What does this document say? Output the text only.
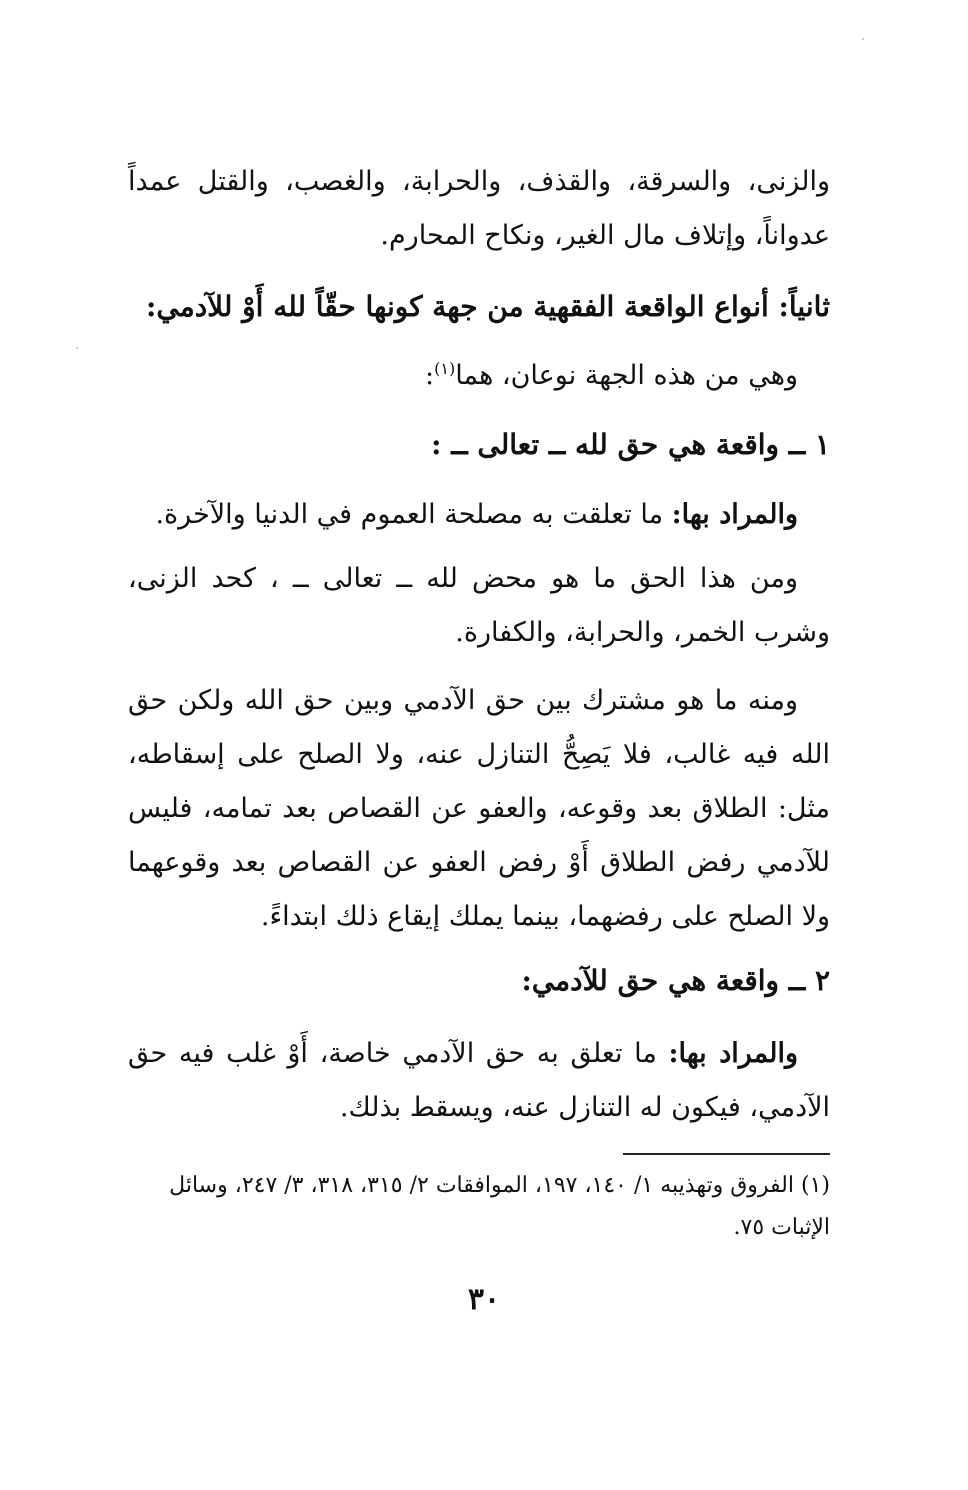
والزنى، والسرقة، والقذف، والحرابة، والغصب، والقتل عمداً عدواناً، وإتلاف مال الغير، ونكاح المحارم.

ثانياً: أنواع الواقعة الفقهية من جهة كونها حقّاً لله أَوْ للآدمي:
وهي من هذه الجهة نوعان، هما$^{(١)}$:
١ ــ واقعة هي حق لله ــ تعالى ــ :
والمراد بها: ما تعلقت به مصلحة العموم في الدنيا والآخرة.

ومن هذا الحق ما هو محض لله ــ تعالى ــ ، كحد الزنى، وشرب الخمر، والحرابة، والكفارة.

ومنه ما هو مشترك بين حق الآدمي وبين حق الله ولكن حق الله فيه غالب، فلا يَصِحُّ التنازل عنه، ولا الصلح على إسقاطه، مثل: الطلاق بعد وقوعه، والعفو عن القصاص بعد تمامه، فليس للآدمي رفض الطلاق أَوْ رفض العفو عن القصاص بعد وقوعهما ولا الصلح على رفضهما، بينما يملك إيقاع ذلك ابتداءً.

٢ ــ واقعة هي حق للآدمي:
والمراد بها: ما تعلق به حق الآدمي خاصة، أَوْ غلب فيه حق الآدمي، فيكون له التنازل عنه، ويسقط بذلك.

(١) الفروق وتهذيبه ١/ ١٤٠، ١٩٧، الموافقات ٢/ ٣١٥، ٣١٨، ٣/ ٢٤٧، وسائل الإثبات ٧٥.

٣٠
